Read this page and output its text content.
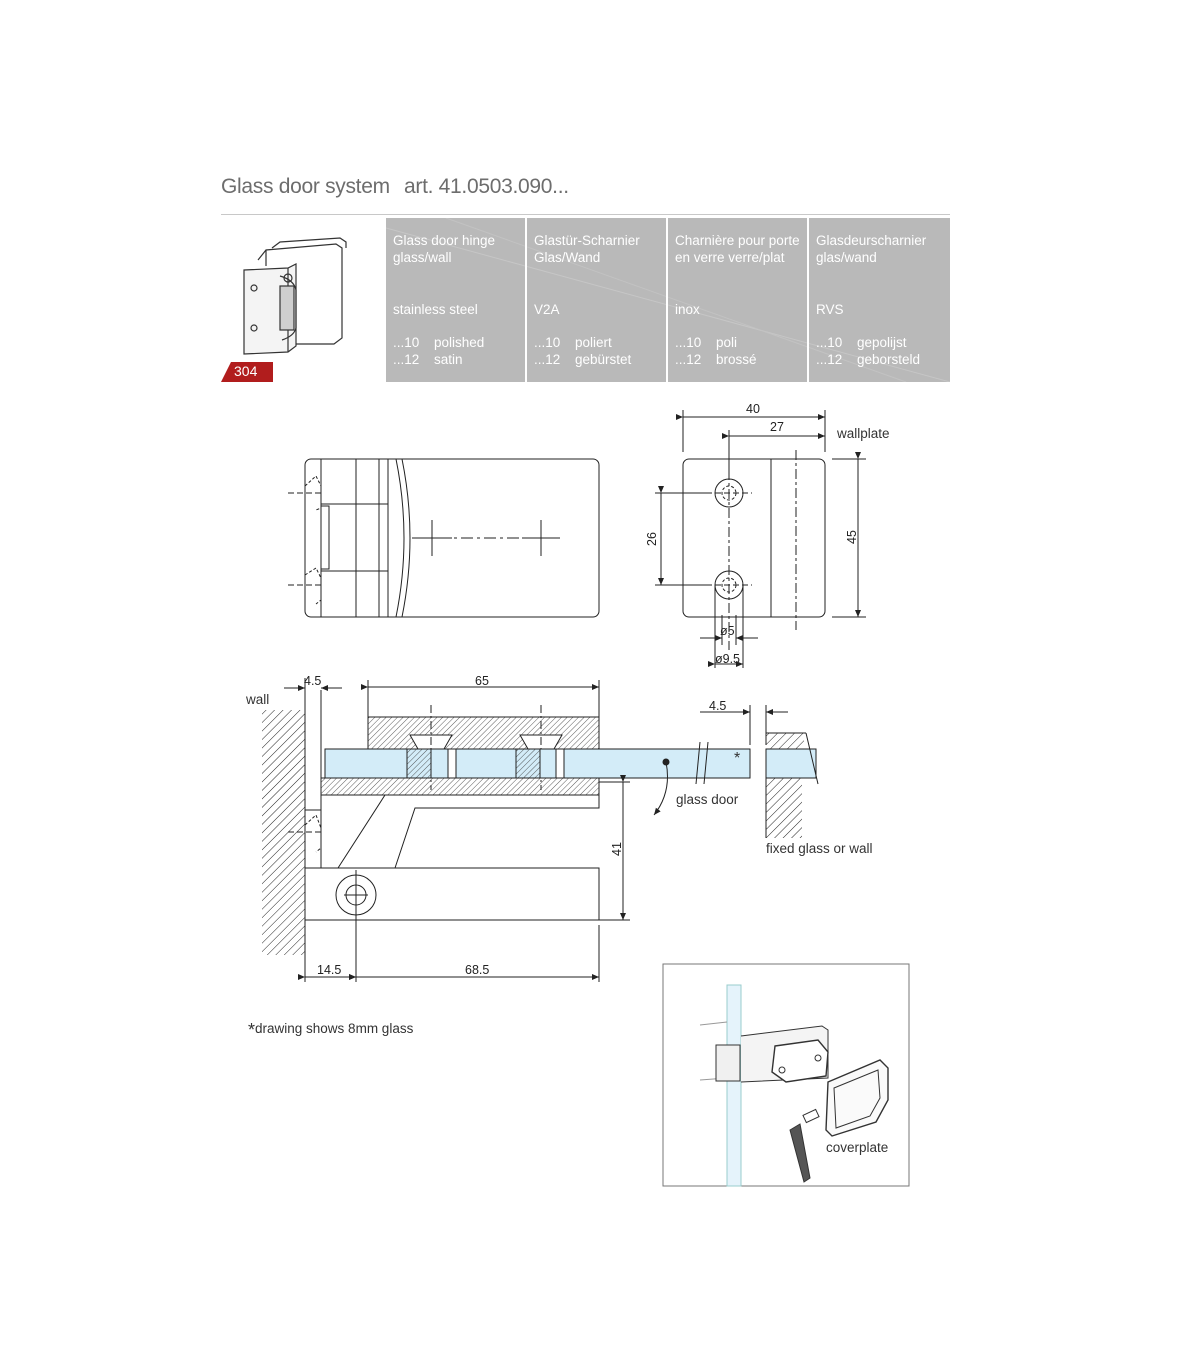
Glass door system art. 41.0503.090...
304
Glass door hinge glass/wall
stainless steel
...10 polished
...12 satin
Glastür-Scharnier Glas/Wand
V2A
...10 poliert
...12 gebürstet
Charnière pour porte en verre verre/plat
inox
...10 poli
...12 brossé
Glasdeurscharnier glas/wand
RVS
...10 gepolijst
...12 geborsteld
wallplate
wall
glass door
fixed glass or wall
coverplate
*
40
27
26	45
ø5
ø9.5
4.5	65
4.5
41
14.5	68.5
*drawing shows 8mm glass
